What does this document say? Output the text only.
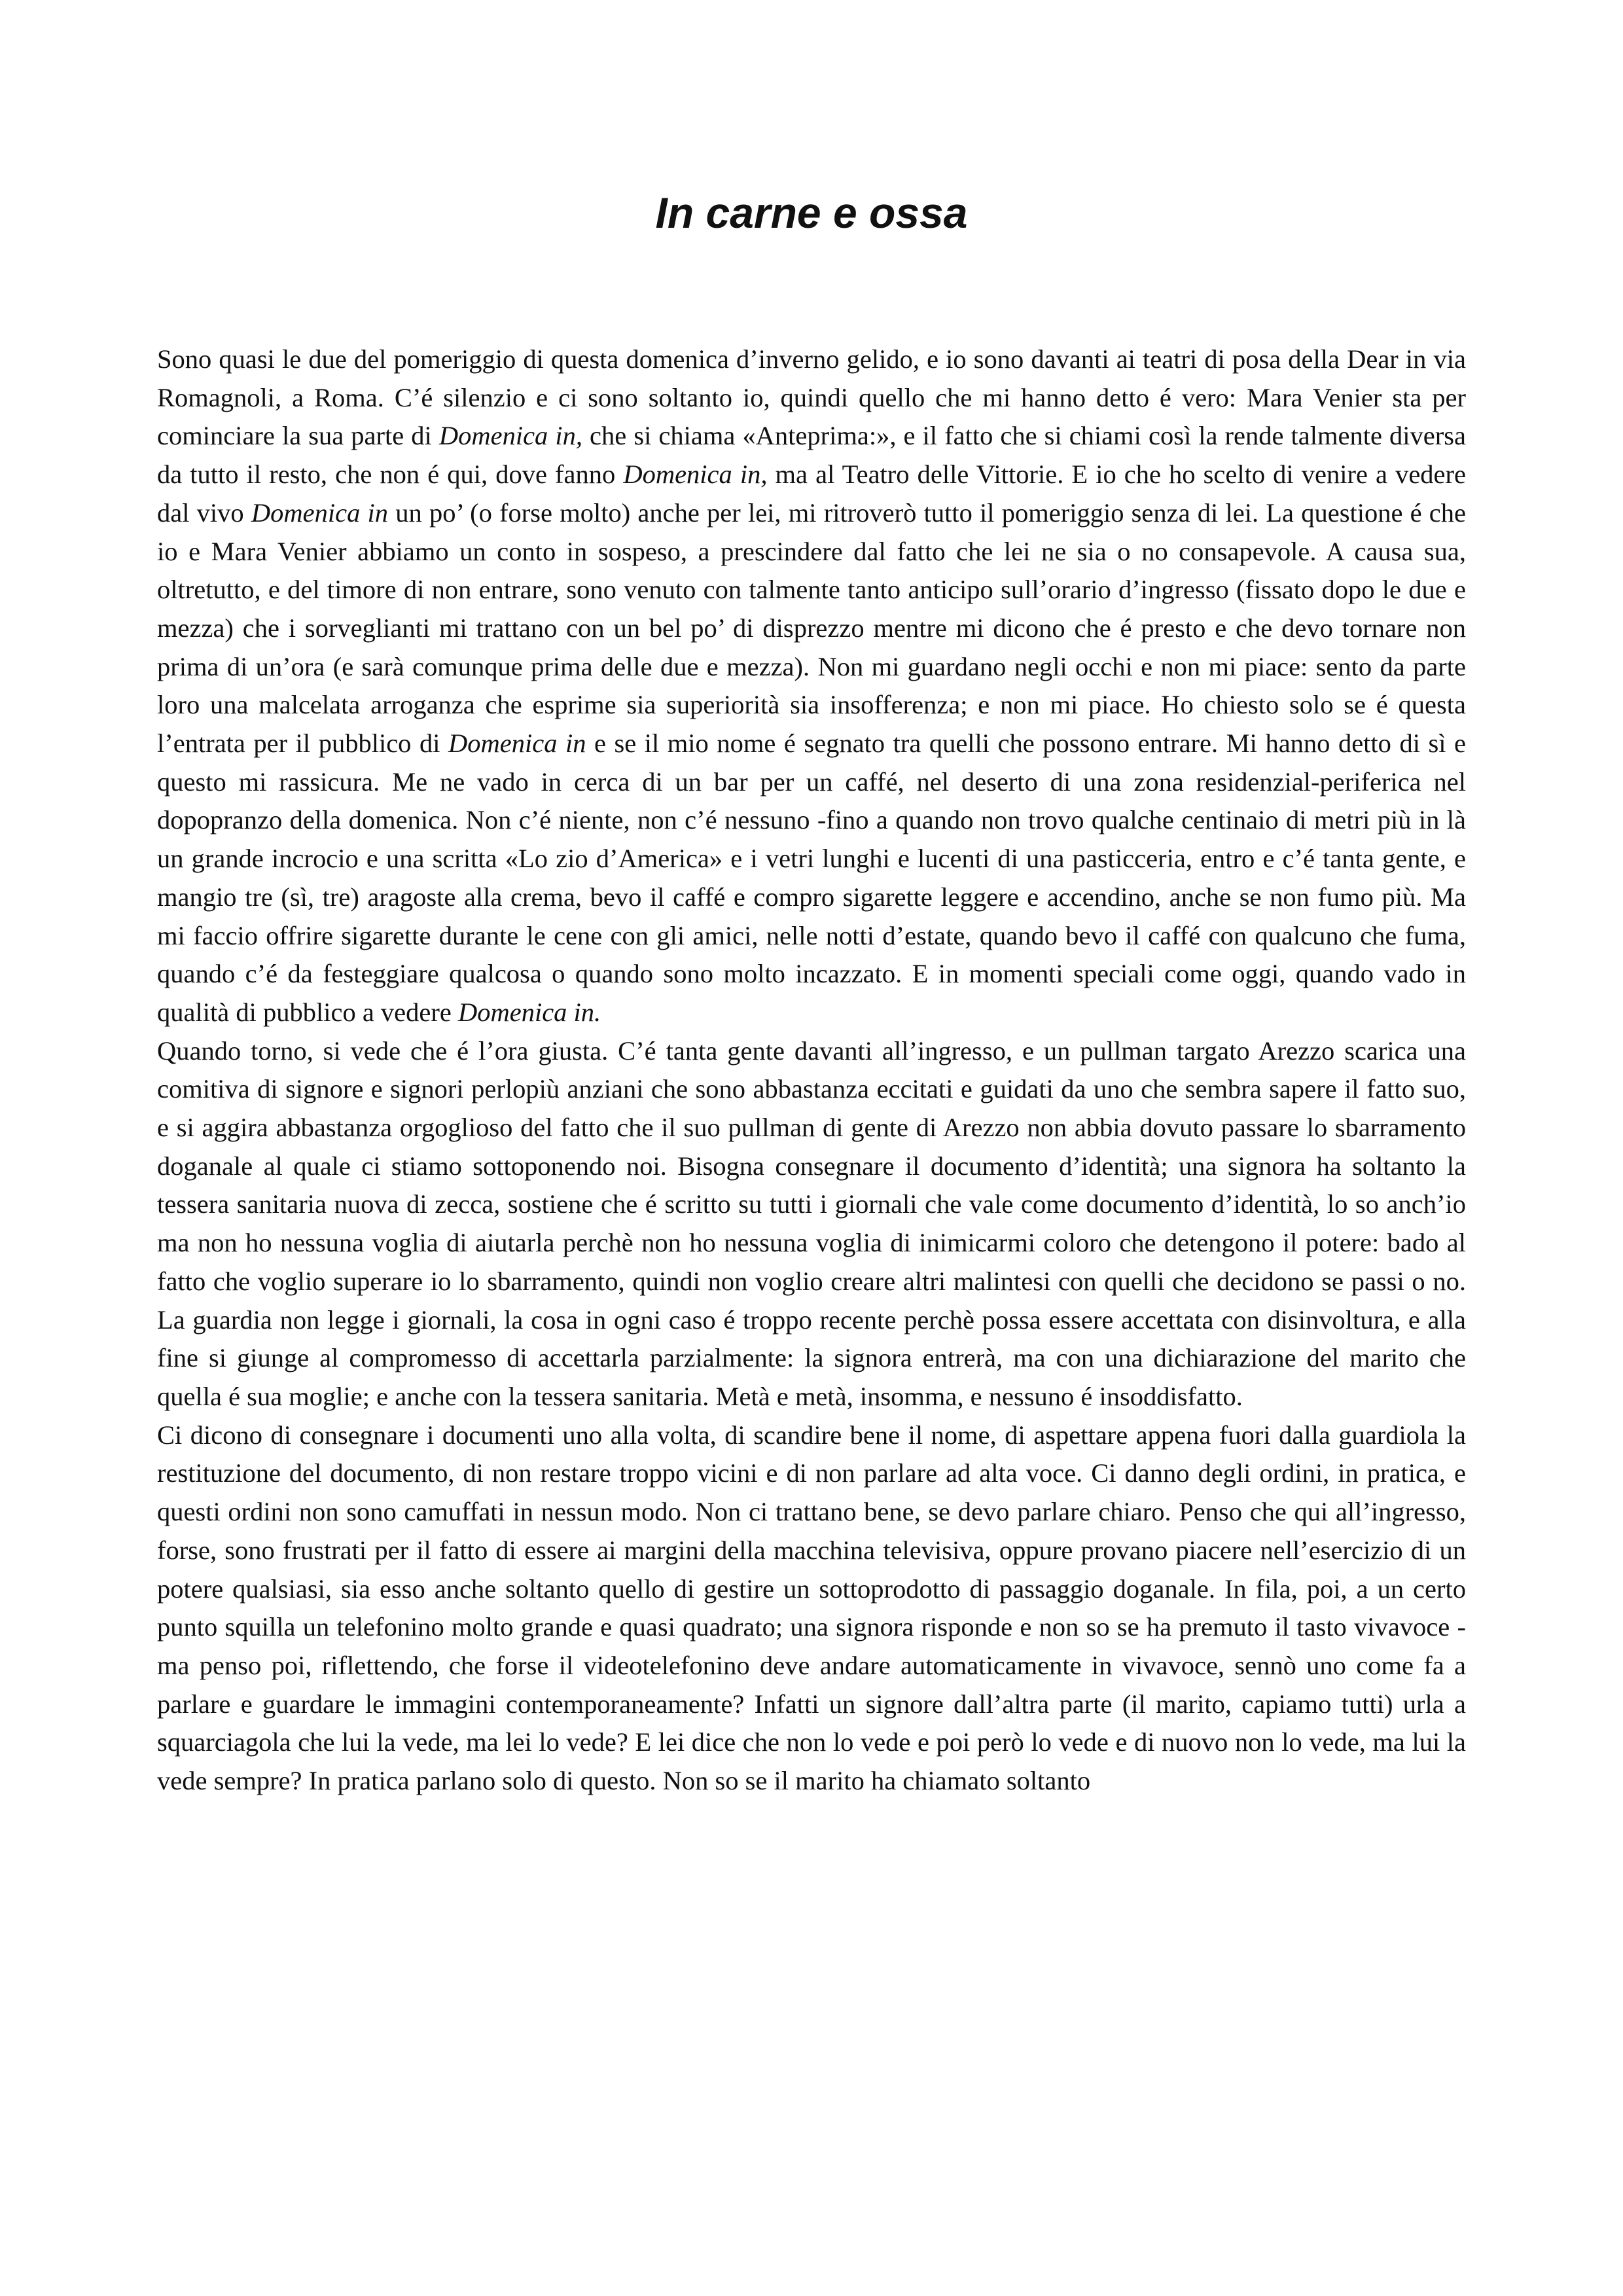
In carne e ossa

Sono quasi le due del pomeriggio di questa domenica d’inverno gelido, e io sono davanti ai teatri di posa della Dear in via Romagnoli, a Roma. C’é silenzio e ci sono soltanto io, quindi quello che mi hanno detto é vero: Mara Venier sta per cominciare la sua parte di Domenica in, che si chiama «Anteprima:», e il fatto che si chiami così la rende talmente diversa da tutto il resto, che non é qui, dove fanno Domenica in, ma al Teatro delle Vittorie. E io che ho scelto di venire a vedere dal vivo Domenica in un po’ (o forse molto) anche per lei, mi ritroverò tutto il pomeriggio senza di lei. La questione é che io e Mara Venier abbiamo un conto in sospeso, a prescindere dal fatto che lei ne sia o no consapevole. A causa sua, oltretutto, e del timore di non entrare, sono venuto con talmente tanto anticipo sull’orario d’ingresso (fissato dopo le due e mezza) che i sorveglianti mi trattano con un bel po’ di disprezzo mentre mi dicono che é presto e che devo tornare non prima di un’ora (e sarà comunque prima delle due e mezza). Non mi guardano negli occhi e non mi piace: sento da parte loro una malcelata arroganza che esprime sia superiorità sia insofferenza; e non mi piace. Ho chiesto solo se é questa l’entrata per il pubblico di Domenica in e se il mio nome é segnato tra quelli che possono entrare. Mi hanno detto di sì e questo mi rassicura. Me ne vado in cerca di un bar per un caffé, nel deserto di una zona residenzial-periferica nel dopopranzo della domenica. Non c’é niente, non c’é nessuno -fino a quando non trovo qualche centinaio di metri più in là un grande incrocio e una scritta «Lo zio d’America» e i vetri lunghi e lucenti di una pasticceria, entro e c’é tanta gente, e mangio tre (sì, tre) aragoste alla crema, bevo il caffé e compro sigarette leggere e accendino, anche se non fumo più. Ma mi faccio offrire sigarette durante le cene con gli amici, nelle notti d’estate, quando bevo il caffé con qualcuno che fuma, quando c’é da festeggiare qualcosa o quando sono molto incazzato. E in momenti speciali come oggi, quando vado in qualità di pubblico a vedere Domenica in.

Quando torno, si vede che é l’ora giusta. C’é tanta gente davanti all’ingresso, e un pullman targato Arezzo scarica una comitiva di signore e signori perlopiù anziani che sono abbastanza eccitati e guidati da uno che sembra sapere il fatto suo, e si aggira abbastanza orgoglioso del fatto che il suo pullman di gente di Arezzo non abbia dovuto passare lo sbarramento doganale al quale ci stiamo sottoponendo noi. Bisogna consegnare il documento d’identità; una signora ha soltanto la tessera sanitaria nuova di zecca, sostiene che é scritto su tutti i giornali che vale come documento d’identità, lo so anch’io ma non ho nessuna voglia di aiutarla perchè non ho nessuna voglia di inimicarmi coloro che detengono il potere: bado al fatto che voglio superare io lo sbarramento, quindi non voglio creare altri malintesi con quelli che decidono se passi o no. La guardia non legge i giornali, la cosa in ogni caso é troppo recente perchè possa essere accettata con disinvoltura, e alla fine si giunge al compromesso di accettarla parzialmente: la signora entrerà, ma con una dichiarazione del marito che quella é sua moglie; e anche con la tessera sanitaria. Metà e metà, insomma, e nessuno é insoddisfatto.

Ci dicono di consegnare i documenti uno alla volta, di scandire bene il nome, di aspettare appena fuori dalla guardiola la restituzione del documento, di non restare troppo vicini e di non parlare ad alta voce. Ci danno degli ordini, in pratica, e questi ordini non sono camuffati in nessun modo. Non ci trattano bene, se devo parlare chiaro. Penso che qui all’ingresso, forse, sono frustrati per il fatto di essere ai margini della macchina televisiva, oppure provano piacere nell’esercizio di un potere qualsiasi, sia esso anche soltanto quello di gestire un sottoprodotto di passaggio doganale. In fila, poi, a un certo punto squilla un telefonino molto grande e quasi quadrato; una signora risponde e non so se ha premuto il tasto vivavoce - ma penso poi, riflettendo, che forse il videotelefonino deve andare automaticamente in vivavoce, sennò uno come fa a parlare e guardare le immagini contemporaneamente? Infatti un signore dall’altra parte (il marito, capiamo tutti) urla a squarciagola che lui la vede, ma lei lo vede? E lei dice che non lo vede e poi però lo vede e di nuovo non lo vede, ma lui la vede sempre? In pratica parlano solo di questo. Non so se il marito ha chiamato soltanto
